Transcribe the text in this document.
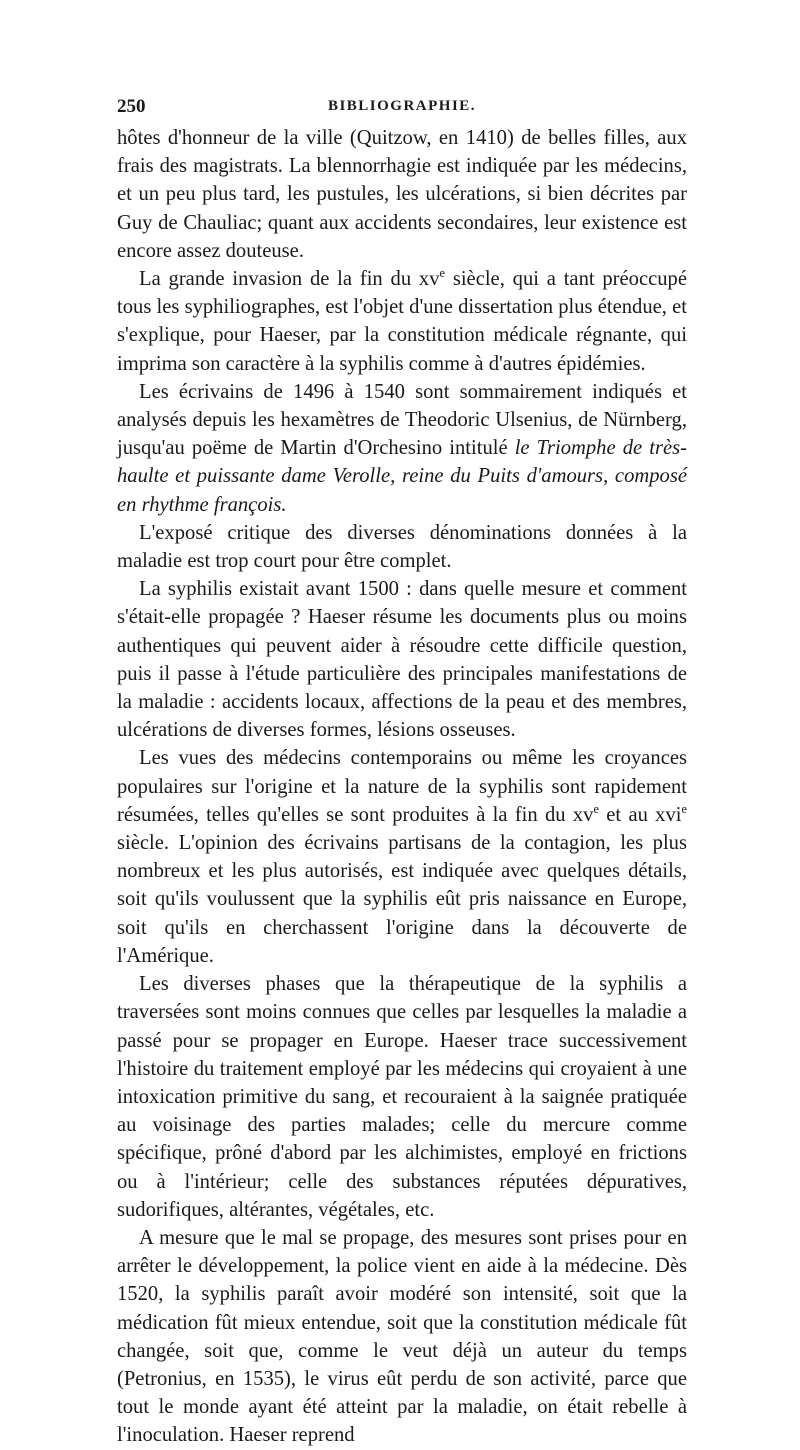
250	BIBLIOGRAPHIE.

hôtes d'honneur de la ville (Quitzow, en 1410) de belles filles, aux frais des magistrats. La blennorrhagie est indiquée par les médecins, et un peu plus tard, les pustules, les ulcérations, si bien décrites par Guy de Chauliac; quant aux accidents secondaires, leur existence est encore assez douteuse.

La grande invasion de la fin du $xv^e$ siècle, qui a tant préoccupé tous les syphiliographes, est l'objet d'une dissertation plus étendue, et s'explique, pour Haeser, par la constitution médicale régnante, qui imprima son caractère à la syphilis comme à d'autres épidémies.

Les écrivains de 1496 à 1540 sont sommairement indiqués et analysés depuis les hexamètres de Theodoric Ulsenius, de Nürnberg, jusqu'au poëme de Martin d'Orchesino intitulé le Triomphe de très-haulte et puissante dame Verolle, reine du Puits d'amours, composé en rhythme françois.

L'exposé critique des diverses dénominations données à la maladie est trop court pour être complet.

La syphilis existait avant 1500 : dans quelle mesure et comment s'était-elle propagée ? Haeser résume les documents plus ou moins authentiques qui peuvent aider à résoudre cette difficile question, puis il passe à l'étude particulière des principales manifestations de la maladie : accidents locaux, affections de la peau et des membres, ulcérations de diverses formes, lésions osseuses.

Les vues des médecins contemporains ou même les croyances populaires sur l'origine et la nature de la syphilis sont rapidement résumées, telles qu'elles se sont produites à la fin du $xv^e$ et au xvi$^e$ siècle. L'opinion des écrivains partisans de la contagion, les plus nombreux et les plus autorisés, est indiquée avec quelques détails, soit qu'ils voulussent que la syphilis eût pris naissance en Europe, soit qu'ils en cherchassent l'origine dans la découverte de l'Amérique.

Les diverses phases que la thérapeutique de la syphilis a traversées sont moins connues que celles par lesquelles la maladie a passé pour se propager en Europe. Haeser trace successivement l'histoire du traitement employé par les médecins qui croyaient à une intoxication primitive du sang, et recouraient à la saignée pratiquée au voisinage des parties malades; celle du mercure comme spécifique, prôné d'abord par les alchimistes, employé en frictions ou à l'intérieur; celle des substances réputées dépuratives, sudorifiques, altérantes, végétales, etc.

A mesure que le mal se propage, des mesures sont prises pour en arrêter le développement, la police vient en aide à la médecine. Dès 1520, la syphilis paraît avoir modéré son intensité, soit que la médication fût mieux entendue, soit que la constitution médicale fût changée, soit que, comme le veut déjà un auteur du temps (Petronius, en 1535), le virus eût perdu de son activité, parce que tout le monde ayant été atteint par la maladie, on était rebelle à l'inoculation. Haeser reprend
